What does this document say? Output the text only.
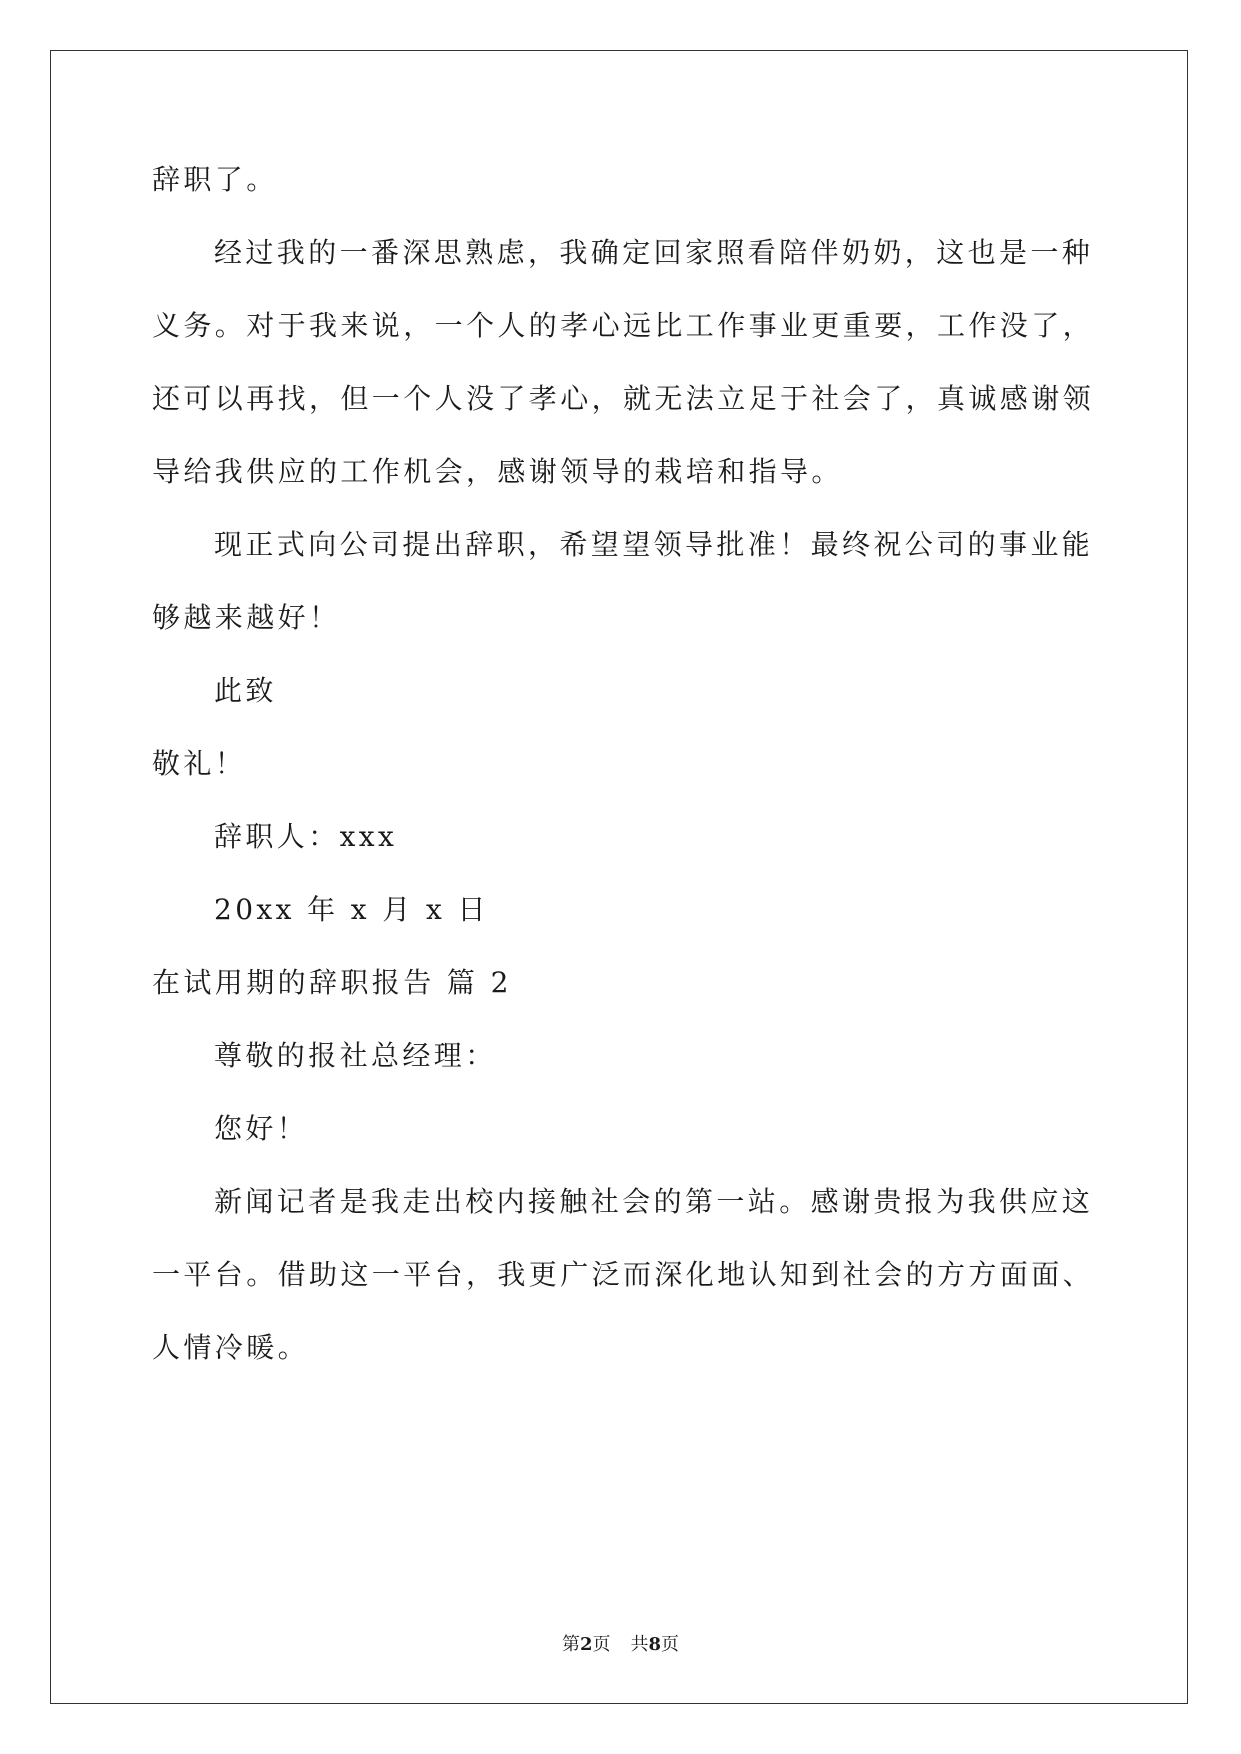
辞职了。
经过我的一番深思熟虑，我确定回家照看陪伴奶奶，这也是一种
义务。对于我来说，一个人的孝心远比工作事业更重要，工作没了，
还可以再找，但一个人没了孝心，就无法立足于社会了，真诚感谢领
导给我供应的工作机会，感谢领导的栽培和指导。
现正式向公司提出辞职，希望望领导批准！最终祝公司的事业能
够越来越好！
此致
敬礼！
辞职人：xxx
20xx 年 x 月 x 日
在试用期的辞职报告 篇 2
尊敬的报社总经理：
您好！
新闻记者是我走出校内接触社会的第一站。感谢贵报为我供应这
一平台。借助这一平台，我更广泛而深化地认知到社会的方方面面、
人情冷暖。
第2页 共8页
